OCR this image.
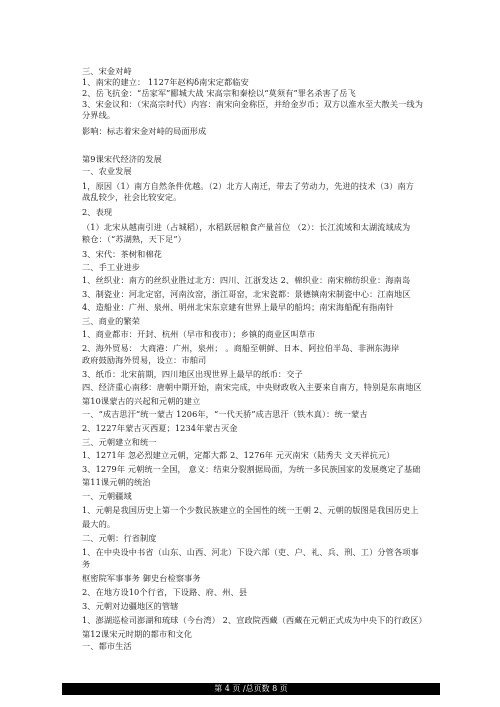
三、宋金对峙
1、南宋的建立： 1127年赵构δ南宋定都临安
2、岳飞抗金：“岳家军”郾城大战 宋高宗和秦桧以“莫须有”罪名杀害了岳飞
3、宋金议和：（宋高宗时代）内容：南宋向金称臣，并给金岁币；双方以淮水至大散关一线为
分界线。
影响：标志着宋金对峙的局面形成
第9课宋代经济的发展
一、农业发展
1，原因（1）南方自然条件优越。（2）北方人南迁，带去了劳动力，先进的技术（3）南方
战乱较少，社会比较安定。
2、表现
（1）北宋从越南引进（占城稻），水稻跃居粮食产量首位 （2）：长江流域和太湖流域成为
粮仓：（“苏湖熟，天下足”）
3、宋代：茶树和棉花
二、手工业进步
1、丝织业：南方的丝织业胜过北方：四川、江浙发达 2、棉织业：南宋棉纺织业：海南岛
3、制瓷业：河北定窑，河南汝窑，浙江哥窑，北宋瓷都：景德镇南宋制瓷中心：江南地区
4、造船业：广州、泉州、明州北宋东京建有世界上最早的船坞；南宋海船配有指南针
三、商业的繁荣
1、商业都市：开封、杭州（早市和夜市）；乡镇的商业区叫草市
2、海外贸易： 大商港：广州，泉州； 。商船至朝鲜、日本、阿拉伯半岛、非洲东海岸
政府鼓励海外贸易，设立：市舶司
3、纸币：北宋前期，四川地区出现世界上最早的纸币：交子
四、经济重心南移：唐朝中期开始，南宋完成，中央财政收入主要来自南方，特别是东南地区
第10课蒙古的兴起和元朝的建立
一、“成吉思汗”统一蒙古 1206年，“一代天骄”成吉思汗（铁木真）：统一蒙古
2、1227年蒙古灭西夏；1234年蒙古灭金
三、元朝建立和统一
1、1271年 忽必烈建立元朝，定都大都 2、1276年 元灭南宋（陆秀夫 文天祥抗元）
3、1279年 元朝统一全国， 意义：结束分裂割据局面，为统一多民族国家的发展奠定了基础
第11课元朝的统治
一、元朝疆域
1、元朝是我国历史上第一个少数民族建立的全国性的统一王朝 2、元朝的版图是我国历史上
最大的。
二、元朝：行省制度
1、在中央设中书省（山东、山西、河北）下设六部（吏、户、礼、兵、刑、工）分管各项事
务
枢密院军事事务 御史台检察事务
2、在地方设10个行省，下设路、府、州、县
3、元朝对边疆地区的管辖
1、澎湖巡检司澎湖和琉球（今台湾） 2、宣政院西藏（西藏在元朝正式成为中央下的行政区）
第12课宋元时期的都市和文化
一、都市生活
第 4 页 /总页数 8 页
